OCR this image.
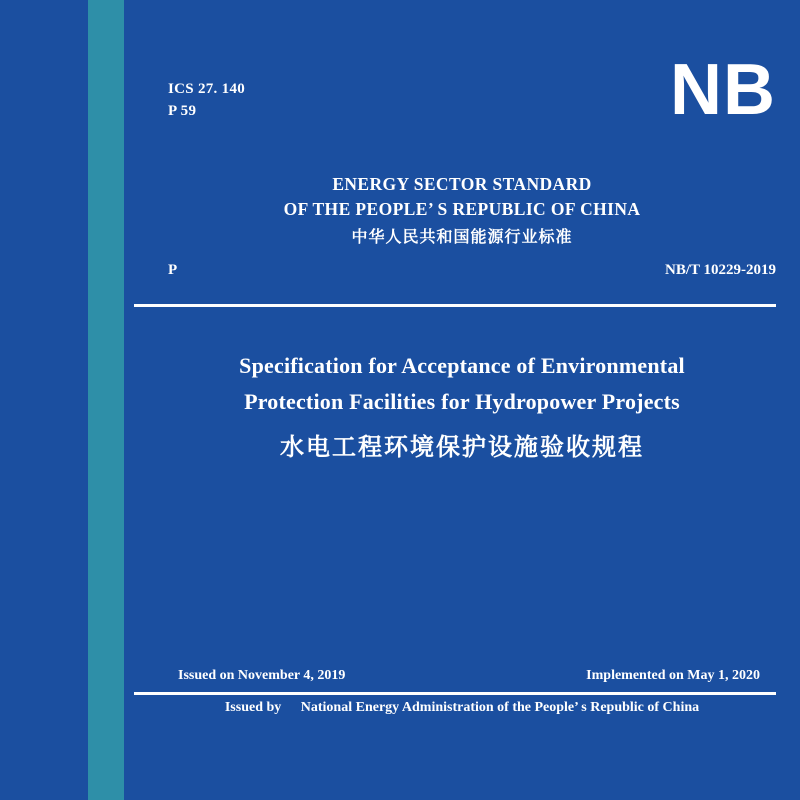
ICS 27. 140
P 59	NB
ENERGY SECTOR STANDARD
OF THE PEOPLE’ S REPUBLIC OF CHINA
中华人民共和国能源行业标准
P	NB/T 10229-2019
Specification for Acceptance of Environmental
Protection Facilities for Hydropower Projects
水电工程环境保护设施验收规程
Issued on November 4, 2019	Implemented on May 1, 2020
Issued by National Energy Administration of the People’ s Republic of China
